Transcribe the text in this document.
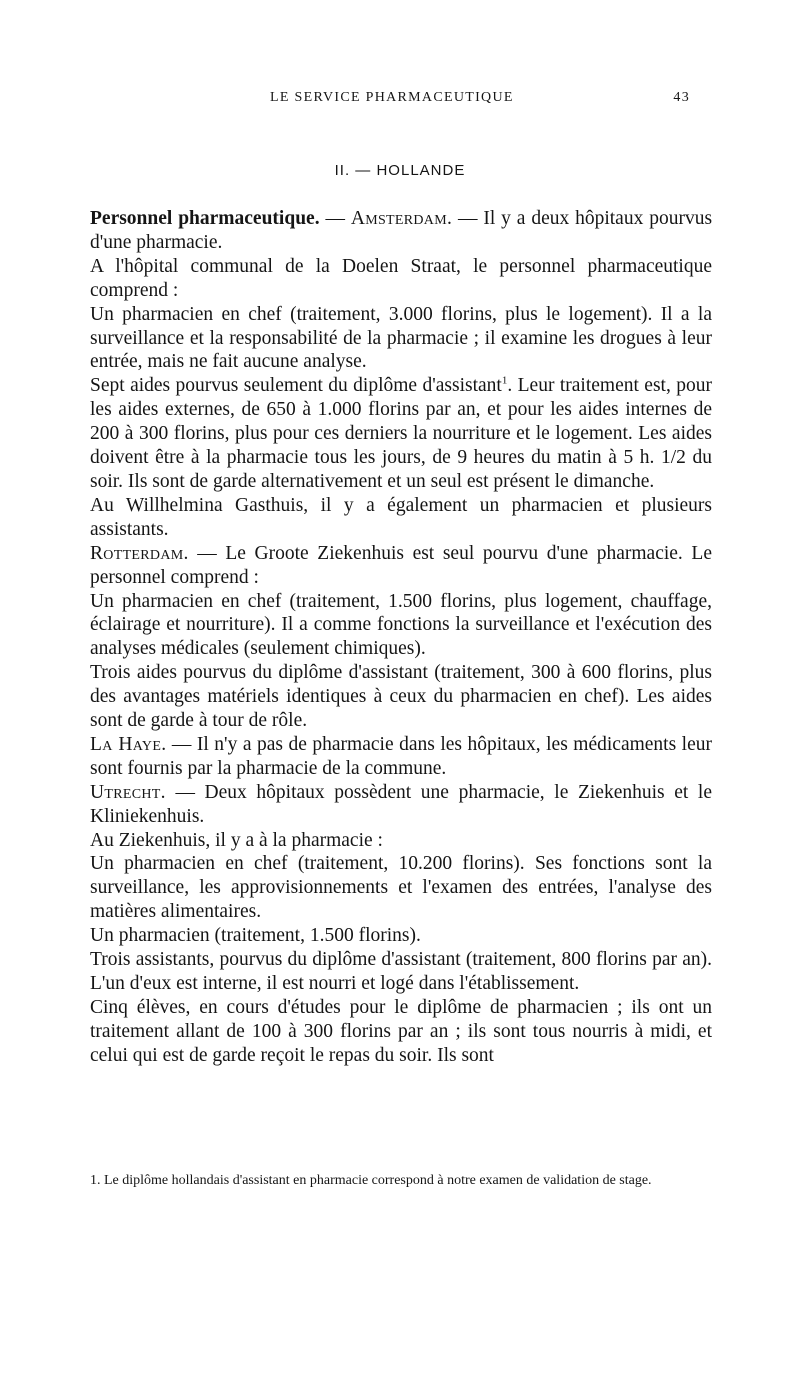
LE SERVICE PHARMACEUTIQUE	43
II. — HOLLANDE

Personnel pharmaceutique. — Amsterdam. — Il y a deux hôpitaux pourvus d'une pharmacie.

A l'hôpital communal de la Doelen Straat, le personnel pharmaceutique comprend :

Un pharmacien en chef (traitement, 3.000 florins, plus le logement). Il a la surveillance et la responsabilité de la pharmacie ; il examine les drogues à leur entrée, mais ne fait aucune analyse.

Sept aides pourvus seulement du diplôme d'assistant$^1$. Leur traitement est, pour les aides externes, de 650 à 1.000 florins par an, et pour les aides internes de 200 à 300 florins, plus pour ces derniers la nourriture et le logement. Les aides doivent être à la pharmacie tous les jours, de 9 heures du matin à 5 h. 1/2 du soir. Ils sont de garde alternativement et un seul est présent le dimanche.

Au Willhelmina Gasthuis, il y a également un pharmacien et plusieurs assistants.

Rotterdam. — Le Groote Ziekenhuis est seul pourvu d'une pharmacie. Le personnel comprend :

Un pharmacien en chef (traitement, 1.500 florins, plus logement, chauffage, éclairage et nourriture). Il a comme fonctions la surveillance et l'exécution des analyses médicales (seulement chimiques).

Trois aides pourvus du diplôme d'assistant (traitement, 300 à 600 florins, plus des avantages matériels identiques à ceux du pharmacien en chef). Les aides sont de garde à tour de rôle.

La Haye. — Il n'y a pas de pharmacie dans les hôpitaux, les médicaments leur sont fournis par la pharmacie de la commune.

Utrecht. — Deux hôpitaux possèdent une pharmacie, le Ziekenhuis et le Kliniekenhuis.

Au Ziekenhuis, il y a à la pharmacie :

Un pharmacien en chef (traitement, 10.200 florins). Ses fonctions sont la surveillance, les approvisionnements et l'examen des entrées, l'analyse des matières alimentaires.

Un pharmacien (traitement, 1.500 florins).

Trois assistants, pourvus du diplôme d'assistant (traitement, 800 florins par an). L'un d'eux est interne, il est nourri et logé dans l'établissement.

Cinq élèves, en cours d'études pour le diplôme de pharmacien ; ils ont un traitement allant de 100 à 300 florins par an ; ils sont tous nourris à midi, et celui qui est de garde reçoit le repas du soir. Ils sont

1. Le diplôme hollandais d'assistant en pharmacie correspond à notre examen de validation de stage.
